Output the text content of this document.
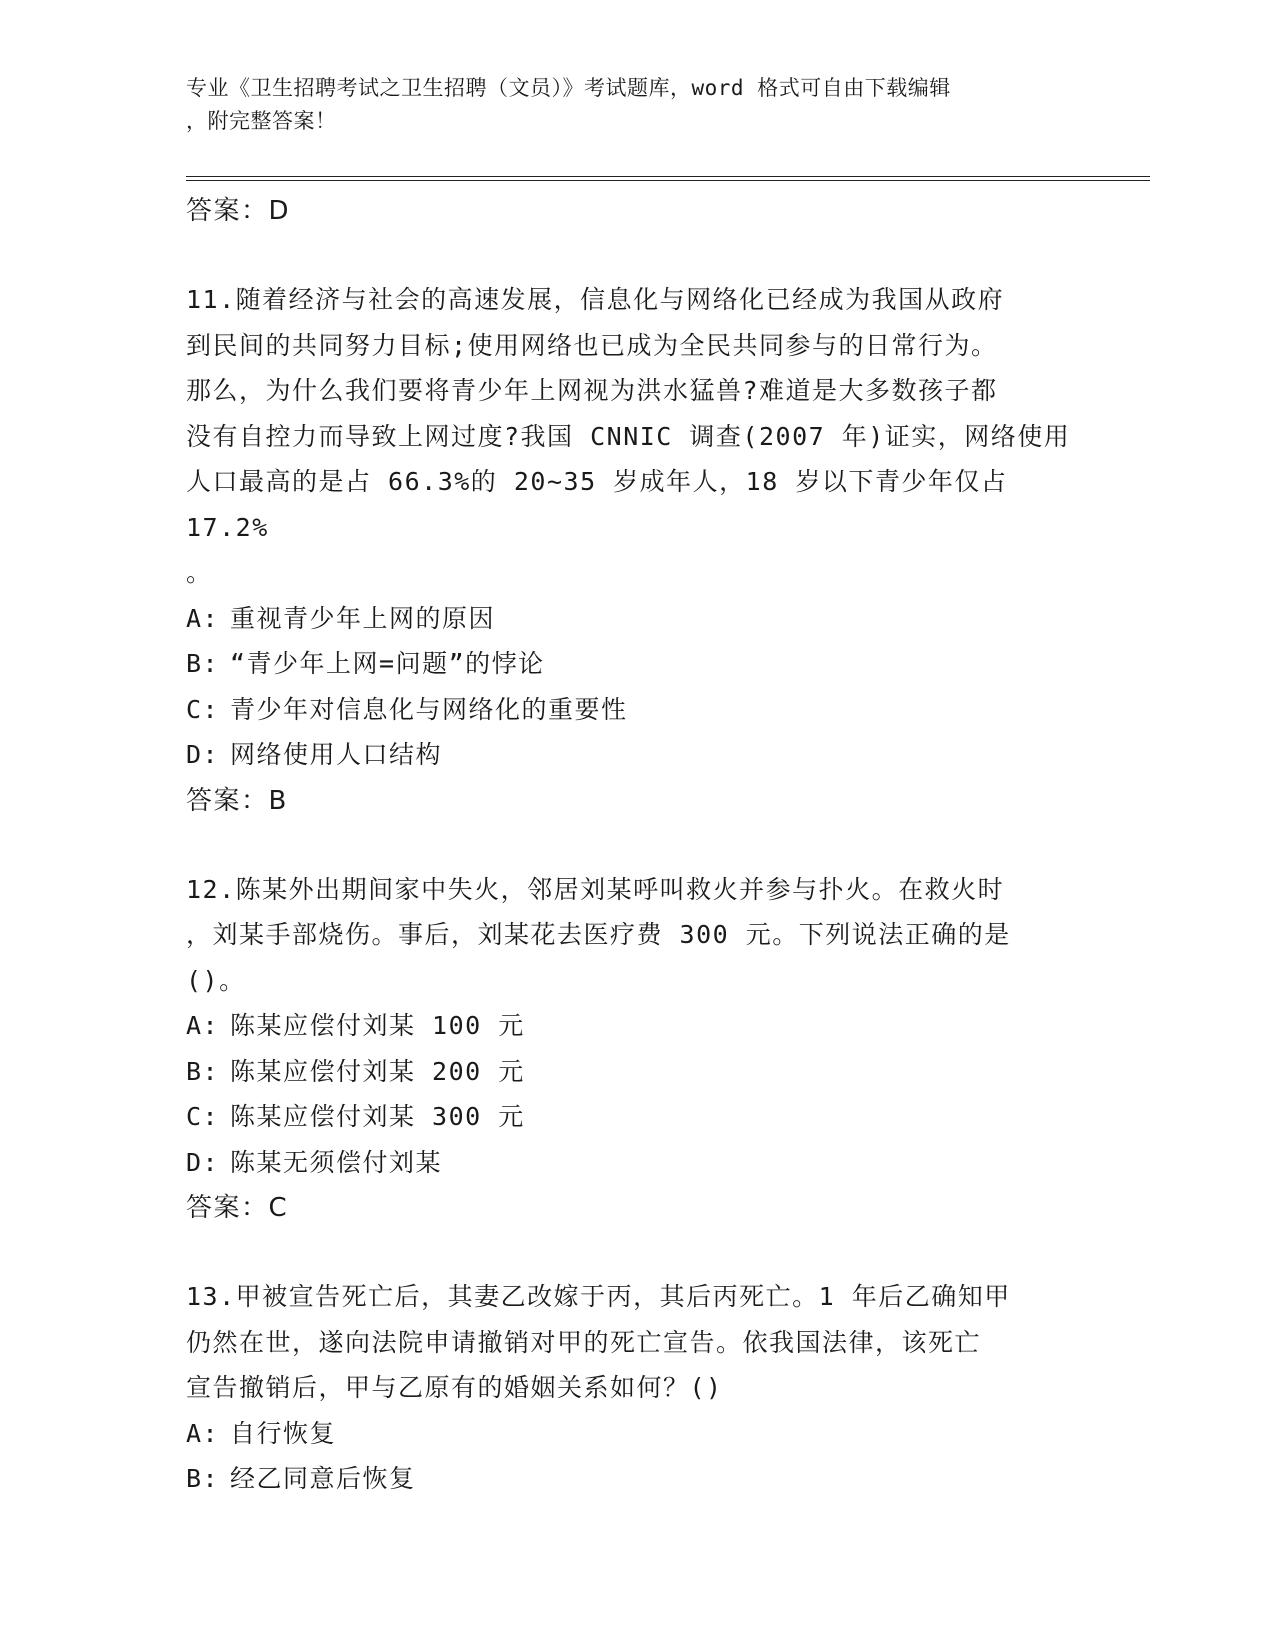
专业《卫生招聘考试之卫生招聘（文员）》考试题库，word 格式可自由下载编辑
，附完整答案！
答案：D
11.随着经济与社会的高速发展，信息化与网络化已经成为我国从政府
到民间的共同努力目标;使用网络也已成为全民共同参与的日常行为。
那么，为什么我们要将青少年上网视为洪水猛兽?难道是大多数孩子都
没有自控力而导致上网过度?我国 CNNIC 调查(2007 年)证实，网络使用
人口最高的是占 66.3%的 20~35 岁成年人，18 岁以下青少年仅占 17.2%
。
A: 重视青少年上网的原因
B: “青少年上网=问题”的悖论
C: 青少年对信息化与网络化的重要性
D: 网络使用人口结构
答案：B
12.陈某外出期间家中失火，邻居刘某呼叫救火并参与扑火。在救火时
，刘某手部烧伤。事后，刘某花去医疗费 300 元。下列说法正确的是
()。
A: 陈某应偿付刘某 100 元
B: 陈某应偿付刘某 200 元
C: 陈某应偿付刘某 300 元
D: 陈某无须偿付刘某
答案：C
13.甲被宣告死亡后，其妻乙改嫁于丙，其后丙死亡。1 年后乙确知甲
仍然在世，遂向法院申请撤销对甲的死亡宣告。依我国法律，该死亡
宣告撤销后，甲与乙原有的婚姻关系如何？()
A: 自行恢复
B: 经乙同意后恢复
